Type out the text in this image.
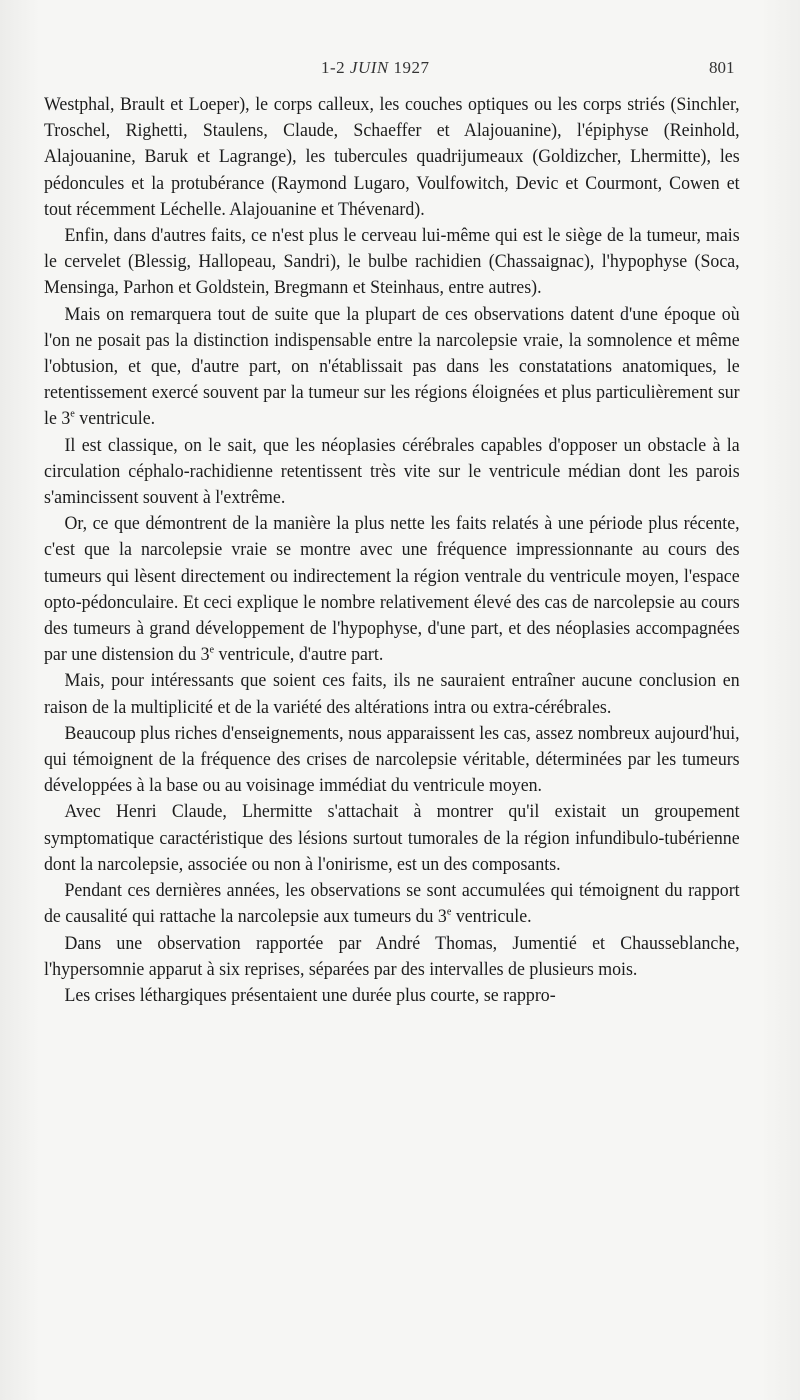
1-2 JUIN 1927	801

Westphal, Brault et Loeper), le corps calleux, les couches optiques ou les corps striés (Sinchler, Troschel, Righetti, Staulens, Claude, Schaeffer et Alajouanine), l'épiphyse (Reinhold, Alajouanine, Baruk et Lagrange), les tubercules quadrijumeaux (Goldizcher, Lhermitte), les pédoncules et la protubérance (Raymond Lugaro, Voulfowitch, Devic et Courmont, Cowen et tout récemment Léchelle. Alajouanine et Thévenard).

Enfin, dans d'autres faits, ce n'est plus le cerveau lui-même qui est le siège de la tumeur, mais le cervelet (Blessig, Hallopeau, Sandri), le bulbe rachidien (Chassaignac), l'hypophyse (Soca, Mensinga, Parhon et Goldstein, Bregmann et Steinhaus, entre autres).

Mais on remarquera tout de suite que la plupart de ces observations datent d'une époque où l'on ne posait pas la distinction indispensable entre la narcolepsie vraie, la somnolence et même l'obtusion, et que, d'autre part, on n'établissait pas dans les constatations anatomiques, le retentissement exercé souvent par la tumeur sur les régions éloignées et plus particulièrement sur le 3e ventricule.

Il est classique, on le sait, que les néoplasies cérébrales capables d'opposer un obstacle à la circulation céphalo-rachidienne retentissent très vite sur le ventricule médian dont les parois s'amincissent souvent à l'extrême.

Or, ce que démontrent de la manière la plus nette les faits relatés à une période plus récente, c'est que la narcolepsie vraie se montre avec une fréquence impressionnante au cours des tumeurs qui lèsent directement ou indirectement la région ventrale du ventricule moyen, l'espace opto-pédonculaire. Et ceci explique le nombre relativement élevé des cas de narcolepsie au cours des tumeurs à grand développement de l'hypophyse, d'une part, et des néoplasies accompagnées par une distension du 3e ventricule, d'autre part.

Mais, pour intéressants que soient ces faits, ils ne sauraient entraîner aucune conclusion en raison de la multiplicité et de la variété des altérations intra ou extra-cérébrales.

Beaucoup plus riches d'enseignements, nous apparaissent les cas, assez nombreux aujourd'hui, qui témoignent de la fréquence des crises de narcolepsie véritable, déterminées par les tumeurs développées à la base ou au voisinage immédiat du ventricule moyen.

Avec Henri Claude, Lhermitte s'attachait à montrer qu'il existait un groupement symptomatique caractéristique des lésions surtout tumorales de la région infundibulo-tubérienne dont la narcolepsie, associée ou non à l'onirisme, est un des composants.

Pendant ces dernières années, les observations se sont accumulées qui témoignent du rapport de causalité qui rattache la narcolepsie aux tumeurs du 3e ventricule.

Dans une observation rapportée par André Thomas, Jumentié et Chausseblanche, l'hypersomnie apparut à six reprises, séparées par des intervalles de plusieurs mois.

Les crises léthargiques présentaient une durée plus courte, se rappro-
